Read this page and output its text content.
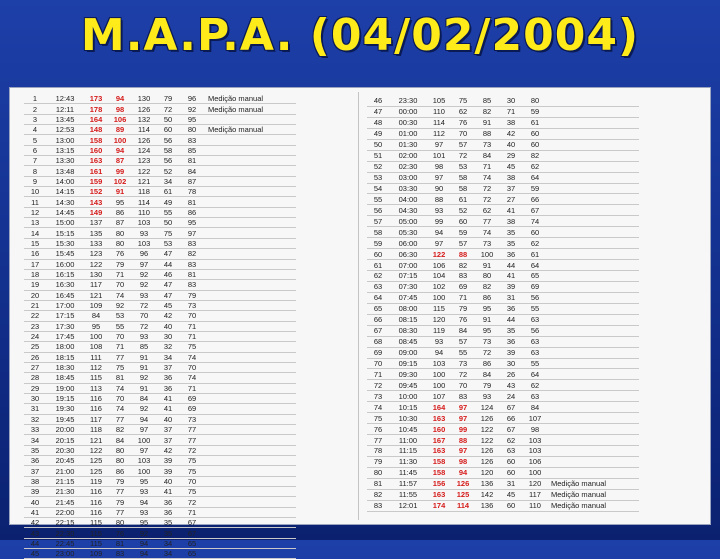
M.A.P.A. (04/02/2004)
1	12:43	173	94	130	79	96	Medição manual
2	12:11	178	98	126	72	92	Medição manual
3	13:45	164	106	132	50	95	
4	12:53	148	89	114	60	80	Medição manual
5	13:00	158	100	126	56	83	
6	13:15	160	94	124	58	85	
7	13:30	163	87	123	56	81	
8	13:48	161	99	122	52	84	
9	14:00	159	102	121	34	87	
10	14:15	152	91	118	61	78	
11	14:30	143	95	114	49	81	
12	14:45	149	86	110	55	86	
13	15:00	137	87	103	50	95	
14	15:15	135	80	93	75	97	
15	15:30	133	80	103	53	83	
16	15:45	123	76	96	47	82	
17	16:00	122	79	97	44	83	
18	16:15	130	71	92	46	81	
19	16:30	117	70	92	47	83	
20	16:45	121	74	93	47	79	
21	17:00	109	92	72	45	73	
22	17:15	84	53	70	42	70	
23	17:30	95	55	72	40	71	
24	17:45	100	70	93	30	71	
25	18:00	108	71	85	32	75	
26	18:15	111	77	91	34	74	
27	18:30	112	75	91	37	70	
28	18:45	115	81	92	36	74	
29	19:00	113	74	91	36	71	
30	19:15	116	70	84	41	69	
31	19:30	116	74	92	41	69	
32	19:45	117	77	94	40	73	
33	20:00	118	82	97	37	77	
34	20:15	121	84	100	37	77	
35	20:30	122	80	97	42	72	
36	20:45	125	80	103	39	75	
37	21:00	125	86	100	39	75	
38	21:15	119	79	95	40	70	
39	21:30	116	77	93	41	75	
40	21:45	116	79	94	36	72	
41	22:00	116	77	93	36	71	
42	22:15	115	80	95	35	67	
43	22:30	115	76	92	35	67	
44	22:45	115	81	94	34	65	
45	23:00	109	83	94	34	65	
46	23:30	105	75	85	30	80	
47	00:00	110	62	82	71	59	
48	00:30	114	76	91	38	61	
49	01:00	112	70	88	42	60	
50	01:30	97	57	73	40	60	
51	02:00	101	72	84	29	82	
52	02:30	98	53	71	45	62	
53	03:00	97	58	74	38	64	
54	03:30	90	58	72	37	59	
55	04:00	88	61	72	27	66	
56	04:30	93	52	62	41	67	
57	05:00	99	60	77	38	74	
58	05:30	94	59	74	35	60	
59	06:00	97	57	73	35	62	
60	06:30	122	88	100	36	61	
61	07:00	106	82	91	44	64	
62	07:15	104	83	80	41	65	
63	07:30	102	69	82	39	69	
64	07:45	100	71	86	31	56	
65	08:00	115	79	95	36	55	
66	08:15	120	76	91	44	63	
67	08:30	119	84	95	35	56	
68	08:45	93	57	73	36	63	
69	09:00	94	55	72	39	63	
70	09:15	103	73	86	30	55	
71	09:30	100	72	84	26	64	
72	09:45	100	70	79	43	62	
73	10:00	107	83	93	24	63	
74	10:15	164	97	124	67	84	
75	10:30	163	97	126	66	107	
76	10:45	160	99	122	67	98	
77	11:00	167	88	122	62	103	
78	11:15	163	97	126	63	103	
79	11:30	158	98	126	60	106	
80	11:45	158	94	120	60	100	
81	11:57	156	126	136	31	120	Medição manual
82	11:55	163	125	142	45	117	Medição manual
83	12:01	174	114	136	60	110	Medição manual
